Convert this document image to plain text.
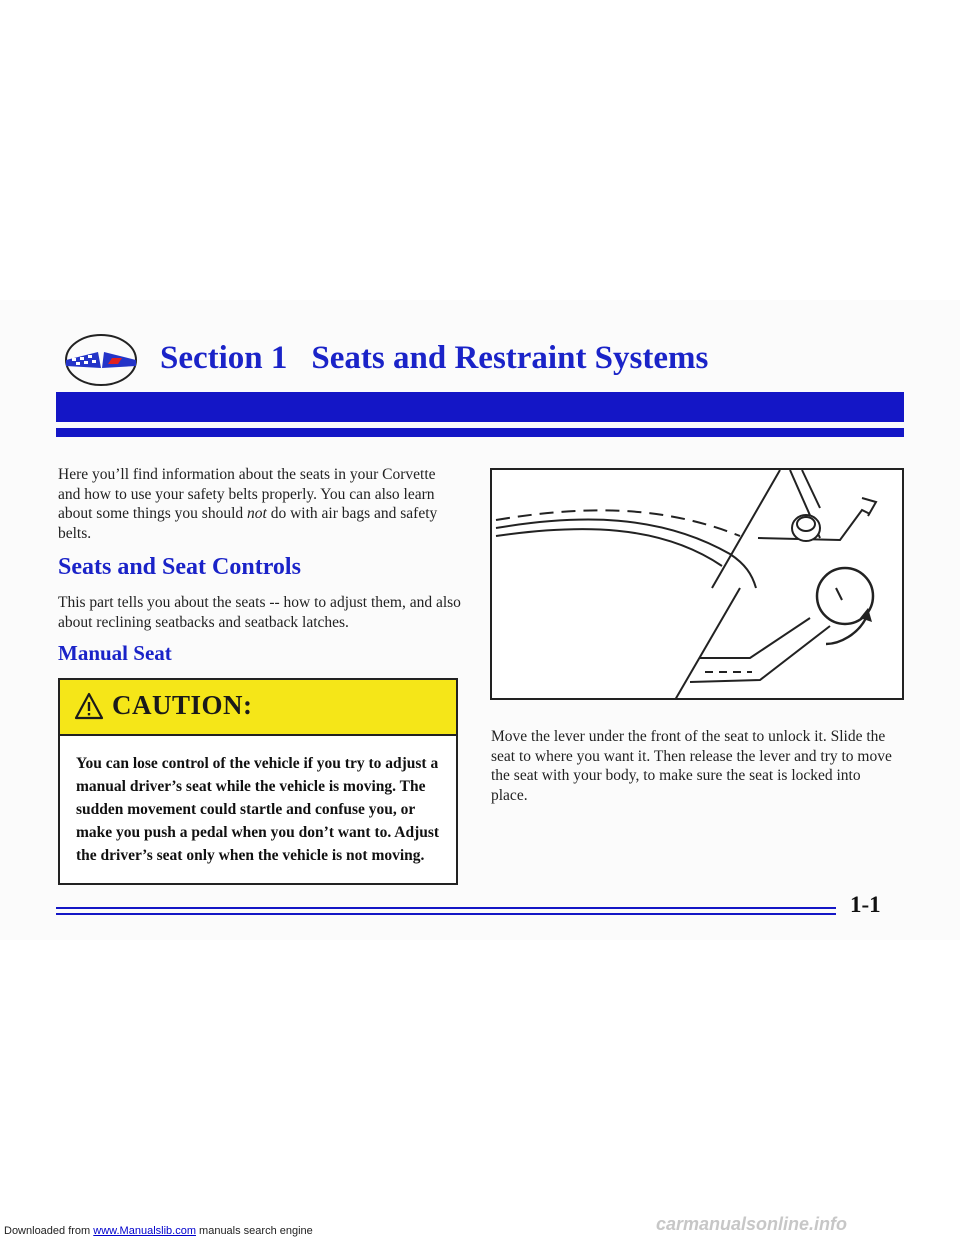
Section 1 Seats and Restraint Systems

Here you’ll find information about the seats in your Corvette and how to use your safety belts properly. You can also learn about some things you should not do with air bags and safety belts.

Seats and Seat Controls

This part tells you about the seats -- how to adjust them, and also about reclining seatbacks and seatback latches.

Manual Seat

CAUTION:

You can lose control of the vehicle if you try to adjust a manual driver’s seat while the vehicle is moving. The sudden movement could startle and confuse you, or make you push a pedal when you don’t want to. Adjust the driver’s seat only when the vehicle is not moving.

Move the lever under the front of the seat to unlock it. Slide the seat to where you want it. Then release the lever and try to move the seat with your body, to make sure the seat is locked into place.

1-1

Downloaded from www.Manualslib.com manuals search engine	carmanualsonline.info
